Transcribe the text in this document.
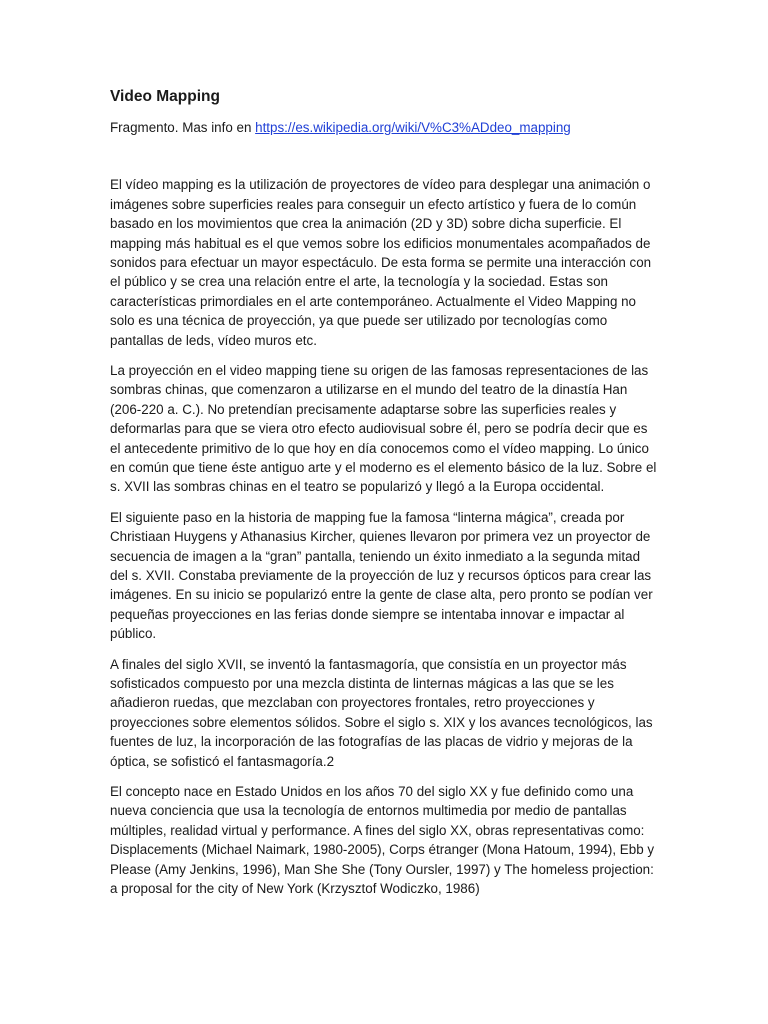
Video Mapping
Fragmento. Mas info en https://es.wikipedia.org/wiki/V%C3%ADdeo_mapping

El vídeo mapping es la utilización de proyectores de vídeo para desplegar una animación o imágenes sobre superficies reales para conseguir un efecto artístico y fuera de lo común basado en los movimientos que crea la animación (2D y 3D) sobre dicha superficie. El mapping más habitual es el que vemos sobre los edificios monumentales acompañados de sonidos para efectuar un mayor espectáculo. De esta forma se permite una interacción con el público y se crea una relación entre el arte, la tecnología y la sociedad. Estas son características primordiales en el arte contemporáneo. Actualmente el Video Mapping no solo es una técnica de proyección, ya que puede ser utilizado por tecnologías como pantallas de leds, vídeo muros etc.

La proyección en el video mapping tiene su origen de las famosas representaciones de las sombras chinas, que comenzaron a utilizarse en el mundo del teatro de la dinastía Han (206-220 a. C.). No pretendían precisamente adaptarse sobre las superficies reales y deformarlas para que se viera otro efecto audiovisual sobre él, pero se podría decir que es el antecedente primitivo de lo que hoy en día conocemos como el vídeo mapping. Lo único en común que tiene éste antiguo arte y el moderno es el elemento básico de la luz. Sobre el s. XVII las sombras chinas en el teatro se popularizó y llegó a la Europa occidental.

El siguiente paso en la historia de mapping fue la famosa “linterna mágica”, creada por Christiaan Huygens y Athanasius Kircher, quienes llevaron por primera vez un proyector de secuencia de imagen a la “gran” pantalla, teniendo un éxito inmediato a la segunda mitad del s. XVII. Constaba previamente de la proyección de luz y recursos ópticos para crear las imágenes. En su inicio se popularizó entre la gente de clase alta, pero pronto se podían ver pequeñas proyecciones en las ferias donde siempre se intentaba innovar e impactar al público.

A finales del siglo XVII, se inventó la fantasmagoría, que consistía en un proyector más sofisticados compuesto por una mezcla distinta de linternas mágicas a las que se les añadieron ruedas, que mezclaban con proyectores frontales, retro proyecciones y proyecciones sobre elementos sólidos. Sobre el siglo s. XIX y los avances tecnológicos, las fuentes de luz, la incorporación de las fotografías de las placas de vidrio y mejoras de la óptica, se sofisticó el fantasmagoría.2

El concepto nace en Estado Unidos en los años 70 del siglo XX y fue definido como una nueva conciencia que usa la tecnología de entornos multimedia por medio de pantallas múltiples, realidad virtual y performance. A fines del siglo XX, obras representativas como: Displacements (Michael Naimark, 1980-2005), Corps étranger (Mona Hatoum, 1994), Ebb y Please (Amy Jenkins, 1996), Man She She (Tony Oursler, 1997) y The homeless projection: a proposal for the city of New York (Krzysztof Wodiczko, 1986)
